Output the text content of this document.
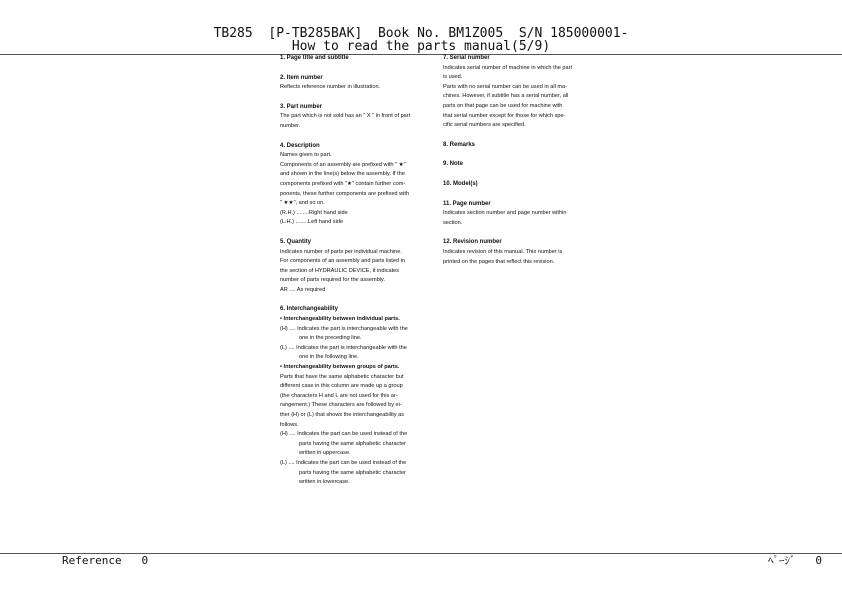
TB285  [P-TB285BAK]  Book No. BM1Z005  S/N 185000001-
How to read the parts manual(5/9)
1. Page title and subtitle
2. Item number
Reflects reference number in illustration.
3. Part number
The part which is not sold has an " X " in front of part
number.
4. Description
Names given to part.
Components of an assembly are prefixed with " ★"
and shown in the line(s) below the assembly. If the
components prefixed with "★" contain further com-
ponents, these further components are prefixed with
" ★★", and so on.
(R.H.) ........Right hand side
(L.H.) ........Left hand side
5. Quantity
Indicates number of parts per individual machine.
For components of an assembly and parts listed in
the section of HYDRAULIC DEVICE, it indicates
number of parts required for the assembly.
AR .... As required
6. Interchangeability
• Interchangeability between individual parts.
(H) .... Indicates the part is interchangeable with the
one in the preceding line.
(L) .... Indicates the part is interchangeable with the
one in the following line.
• Interchangeability between groups of parts.
Parts that have the same alphabetic character but
different case in this column are made up a group
(the characters H and L are not used for this ar-
rangement.) These characters are followed by ei-
ther (H) or (L) that shows the interchangeability as
follows.
(H) .... Indicates the part can be used instead of the
parts having the same alphabetic character
written in uppercase.
(L) .... Indicates the part can be used instead of the
parts having the same alphabetic character
written in lowercase.
7. Serial number
Indicates serial number of machine in which the part
is used.
Parts with no serial number can be used in all ma-
chines. However, if subtitle has a serial number, all
parts on that page can be used for machine with
that serial number except for those for which spe-
cific serial numbers are specified.
8. Remarks
9. Note
10. Model(s)
11. Page number
Indicates section number and page number within
section.
12. Revision number
Indicates revision of this manual. This number is
printed on the pages that reflect this revision.
Reference   0	ﾍﾟｰｼﾞ   0
